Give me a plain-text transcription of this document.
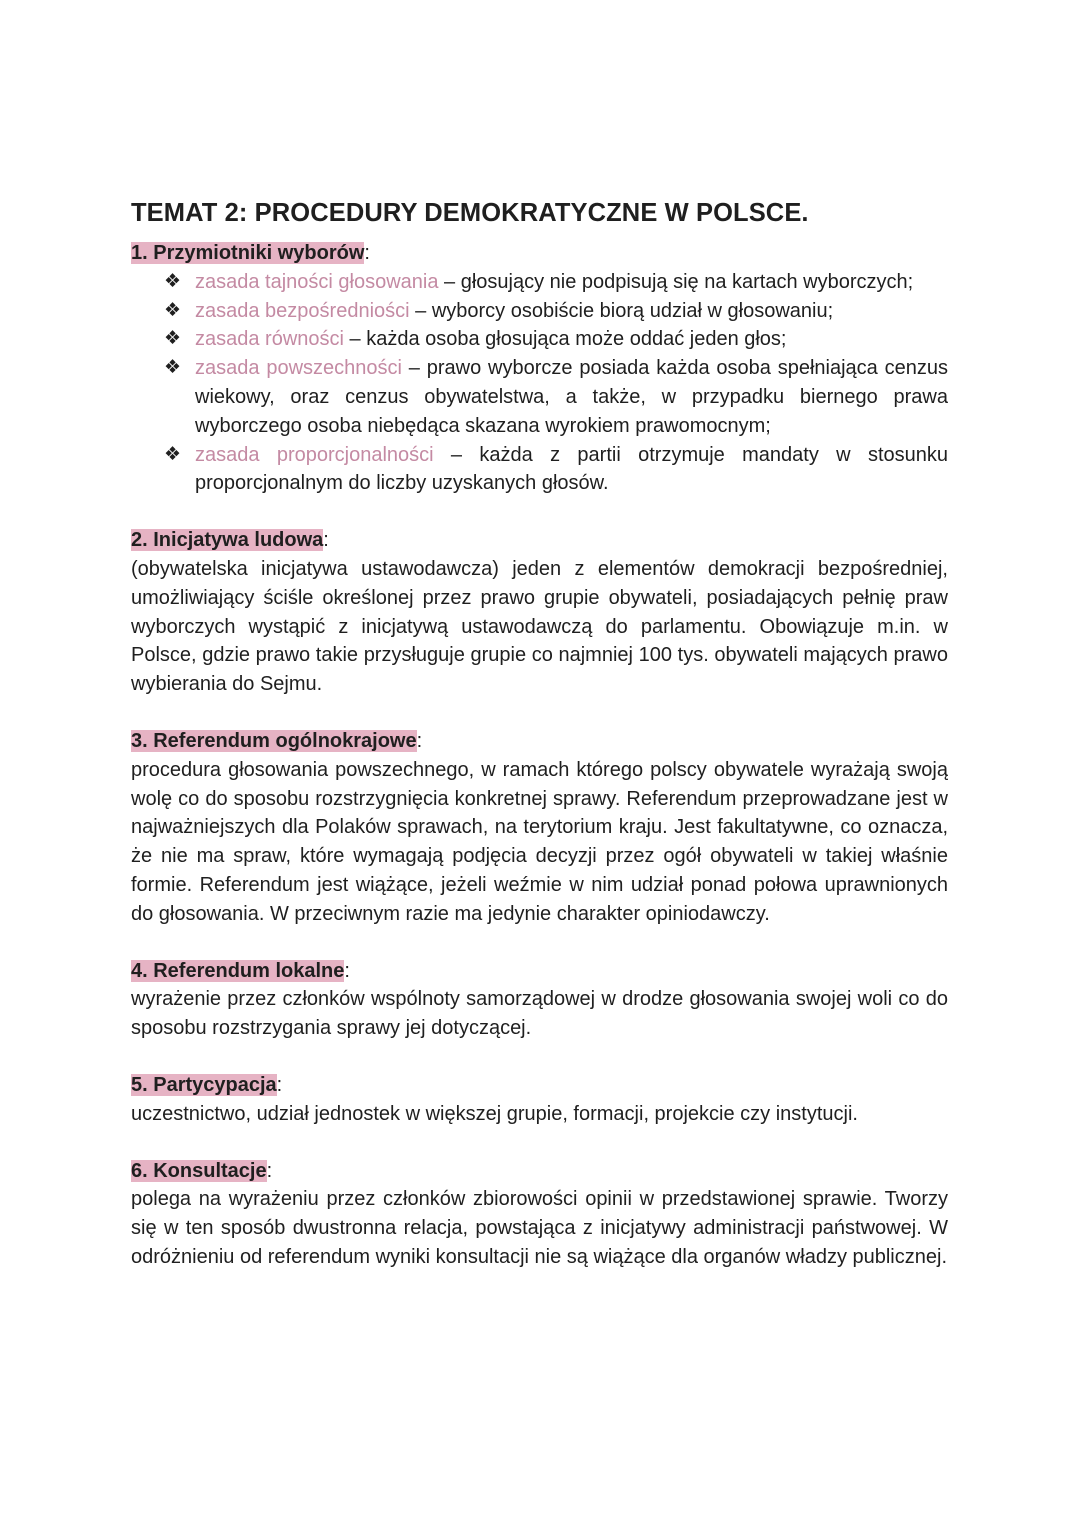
TEMAT 2: PROCEDURY DEMOKRATYCZNE W POLSCE.

1. Przymiotniki wyborów:

❖ zasada tajności głosowania – głosujący nie podpisują się na kartach wyborczych;
❖ zasada bezpośredniości – wyborcy osobiście biorą udział w głosowaniu;
❖ zasada równości – każda osoba głosująca może oddać jeden głos;
❖ zasada powszechności – prawo wyborcze posiada każda osoba spełniająca cenzus wiekowy, oraz cenzus obywatelstwa, a także, w przypadku biernego prawa wyborczego osoba niebędąca skazana wyrokiem prawomocnym;
❖ zasada proporcjonalności – każda z partii otrzymuje mandaty w stosunku proporcjonalnym do liczby uzyskanych głosów.

2. Inicjatywa ludowa:

(obywatelska inicjatywa ustawodawcza) jeden z elementów demokracji bezpośredniej, umożliwiający ściśle określonej przez prawo grupie obywateli, posiadających pełnię praw wyborczych wystąpić z inicjatywą ustawodawczą do parlamentu. Obowiązuje m.in. w Polsce, gdzie prawo takie przysługuje grupie co najmniej 100 tys. obywateli mających prawo wybierania do Sejmu.

3. Referendum ogólnokrajowe:

procedura głosowania powszechnego, w ramach którego polscy obywatele wyrażają swoją wolę co do sposobu rozstrzygnięcia konkretnej sprawy. Referendum przeprowadzane jest w najważniejszych dla Polaków sprawach, na terytorium kraju. Jest fakultatywne, co oznacza, że nie ma spraw, które wymagają podjęcia decyzji przez ogół obywateli w takiej właśnie formie. Referendum jest wiążące, jeżeli weźmie w nim udział ponad połowa uprawnionych do głosowania. W przeciwnym razie ma jedynie charakter opiniodawczy.

4. Referendum lokalne:

wyrażenie przez członków wspólnoty samorządowej w drodze głosowania swojej woli co do sposobu rozstrzygania sprawy jej dotyczącej.

5. Partycypacja:

uczestnictwo, udział jednostek w większej grupie, formacji, projekcie czy instytucji.

6. Konsultacje:

polega na wyrażeniu przez członków zbiorowości opinii w przedstawionej sprawie. Tworzy się w ten sposób dwustronna relacja, powstająca z inicjatywy administracji państwowej. W odróżnieniu od referendum wyniki konsultacji nie są wiążące dla organów władzy publicznej.
